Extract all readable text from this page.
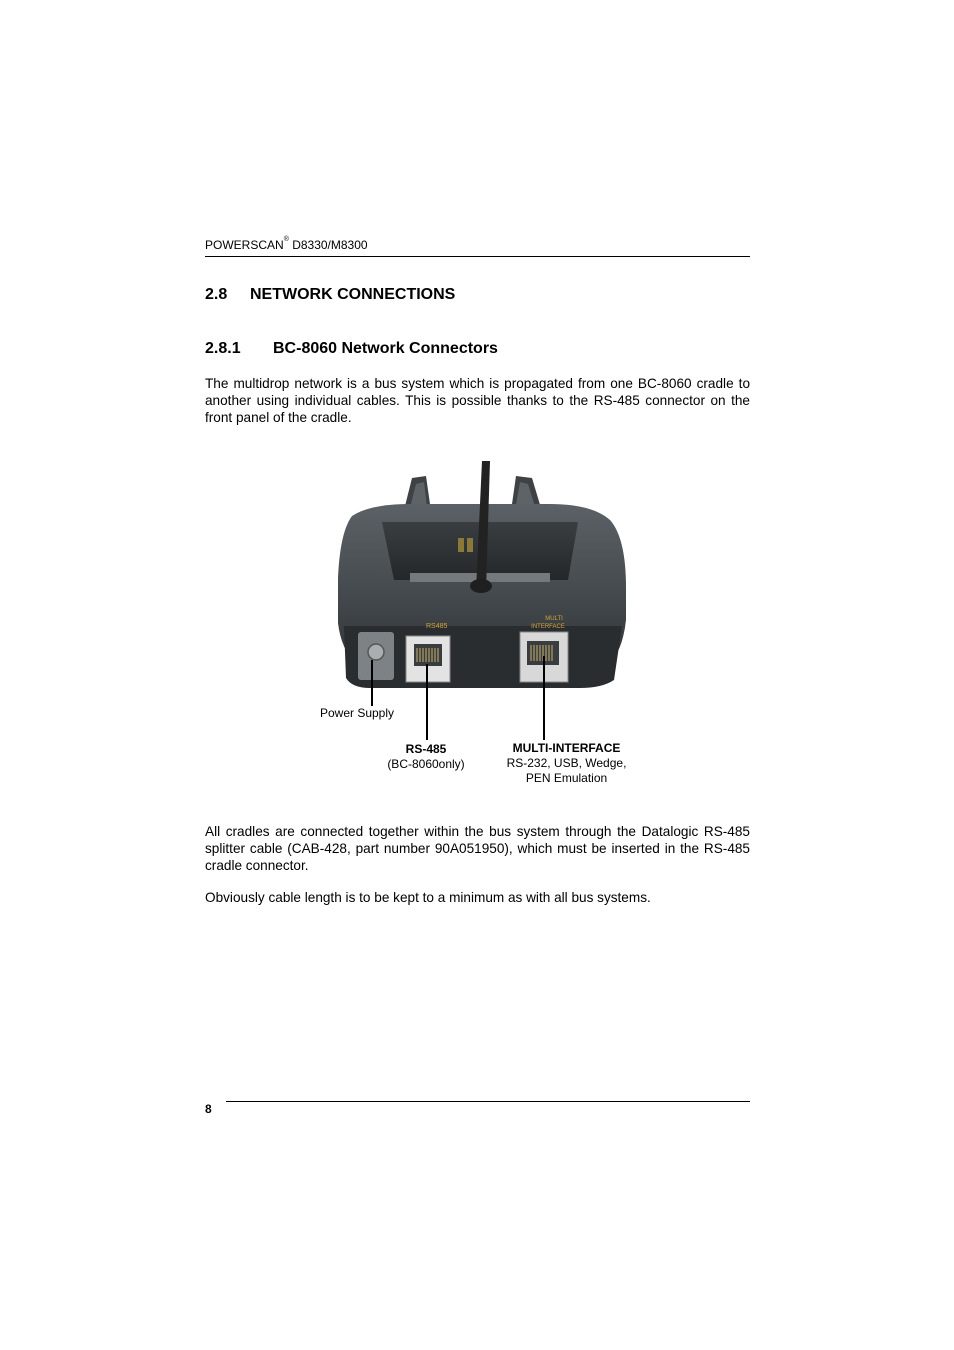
POWERSCAN® D8330/M8300
2.8 NETWORK CONNECTIONS
2.8.1 BC-8060 Network Connectors
The multidrop network is a bus system which is propagated from one BC-8060 cradle to another using individual cables. This is possible thanks to the RS-485 connector on the front panel of the cradle.
RS485
MULTI
INTERFACE
Power Supply
RS-485
(BC-8060only)
MULTI-INTERFACE
RS-232, USB, Wedge,
PEN Emulation
All cradles are connected together within the bus system through the Datalogic RS-485 splitter cable (CAB-428, part number 90A051950), which must be inserted in the RS-485 cradle connector.
Obviously cable length is to be kept to a minimum as with all bus systems.
8
